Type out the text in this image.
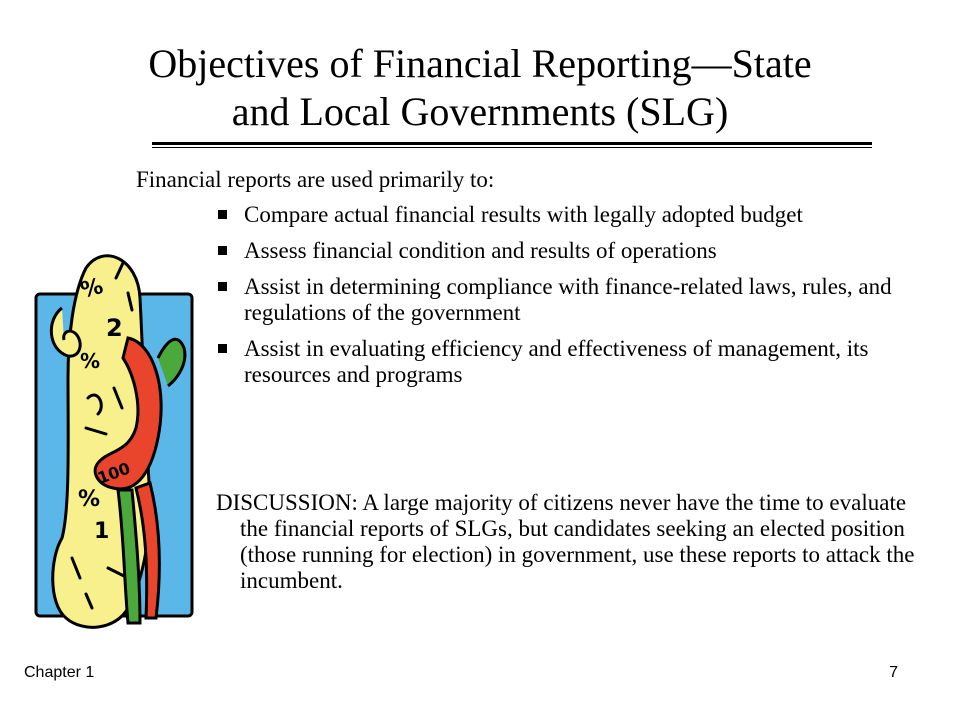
Objectives of Financial Reporting—State
and Local Governments (SLG)
Financial reports are used primarily to:
Compare actual financial results with legally adopted budget
Assess financial condition and results of operations
Assist in determining compliance with finance-related laws, rules, and regulations of the government
Assist in evaluating efficiency and effectiveness of management, its resources and programs
DISCUSSION: A large majority of citizens never have the time to evaluate the financial reports of SLGs, but candidates seeking an elected position (those running for election) in government, use these reports to attack the incumbent.
%
2
%
100
%
1
Chapter 1	7
